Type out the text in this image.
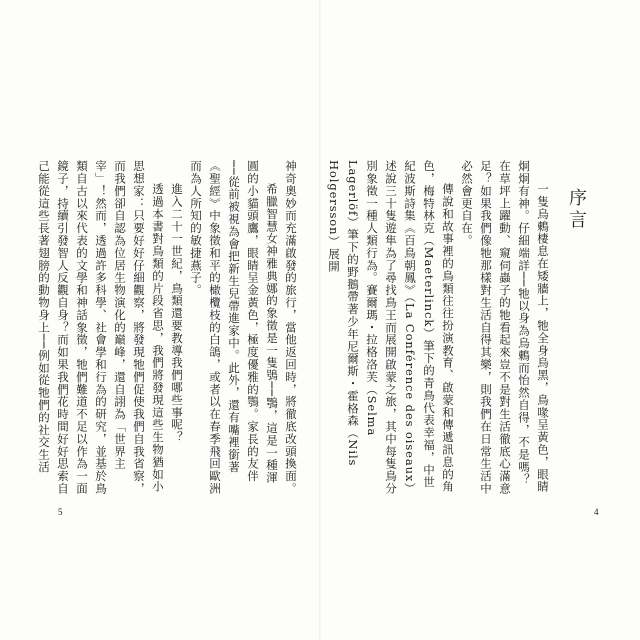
神奇奧妙而充滿啟發的旅行，當他返回時，將徹底改頭換面。

希臘智慧女神雅典娜的象徵是一隻鴞──鶚，這是一種渾圓的小貓頭鷹，眼睛呈金黃色，極度優雅的鶚。家長的友伴──從前被視為會把新生兒帶進家中。此外，還有嘴裡銜著《聖經》中象徵和平的橄欖枝的白鴿，或者以在春季飛回歐洲而為人所知的敏捷燕子。

進入二十一世紀，鳥類還要教導我們哪些事呢？

透過本書對鳥類的片段省思，我們將發現這些生物猶如小思想家：只要好好仔細觀察，將發現牠們促使我們自我省察，而我們卻自認為位居生物演化的巔峰，還自詡為「世界主宰」！然而，透過許多科學、社會學和行為的研究，並基於鳥類自古以來代表的文學和神話象徵，牠們難道不足以作為一面鏡子，持續引發智人反觀自身？而如果我們花時間好好思索自己能從這些長著翅膀的動物身上──例如從牠們的社交生活

5
序言

一隻烏鶇棲息在矮牆上，牠全身烏黑，鳥喙呈黃色，眼睛炯炯有神。仔細端詳──牠以身為烏鶇而怡然自得，不是嗎？在草坪上躍動、窺伺蟲子的牠看起來豈不是對生活徹底心滿意足？如果我們像牠那樣對生活自得其樂，則我們在日常生活中必然會更自在。

傳說和故事裡的鳥類往往扮演教育、啟蒙和傳遞訊息的角色，梅特林克（Maeterlinck）筆下的青鳥代表幸福，中世紀波斯詩集《百鳥朝鳳》（La Conférence des oiseaux）述說三十隻遊隼為了尋找鳥王而展開啟蒙之旅，其中每隻鳥分別象徵一種人類行為。賽爾瑪・拉格洛芙（Selma Lagerlöf）筆下的野鵝帶著少年尼爾斯・霍格森（Nils Holgersson）展開

4
